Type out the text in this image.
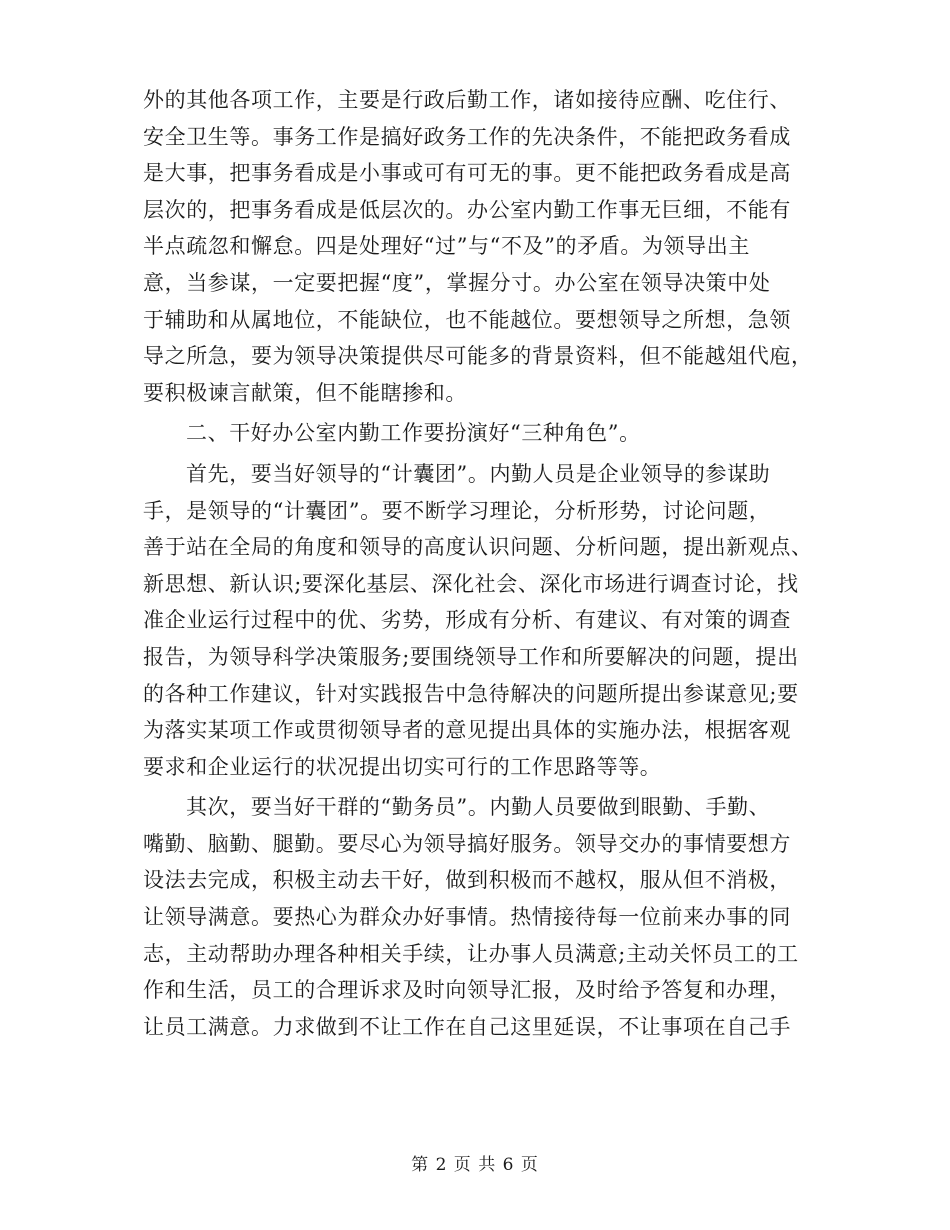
外的其他各项工作，主要是行政后勤工作，诸如接待应酬、吃住行、
安全卫生等。事务工作是搞好政务工作的先决条件，不能把政务看成
是大事，把事务看成是小事或可有可无的事。更不能把政务看成是高
层次的，把事务看成是低层次的。办公室内勤工作事无巨细，不能有
半点疏忽和懈怠。四是处理好“过”与“不及”的矛盾。为领导出主
意，当参谋，一定要把握“度”，掌握分寸。办公室在领导决策中处
于辅助和从属地位，不能缺位，也不能越位。要想领导之所想，急领
导之所急，要为领导决策提供尽可能多的背景资料，但不能越俎代庖，
要积极谏言献策，但不能瞎掺和。

二、干好办公室内勤工作要扮演好“三种角色”。

首先，要当好领导的“计囊团”。内勤人员是企业领导的参谋助
手，是领导的“计囊团”。要不断学习理论，分析形势，讨论问题，
善于站在全局的角度和领导的高度认识问题、分析问题，提出新观点、
新思想、新认识;要深化基层、深化社会、深化市场进行调查讨论，找
准企业运行过程中的优、劣势，形成有分析、有建议、有对策的调查
报告，为领导科学决策服务;要围绕领导工作和所要解决的问题，提出
的各种工作建议，针对实践报告中急待解决的问题所提出参谋意见;要
为落实某项工作或贯彻领导者的意见提出具体的实施办法，根据客观
要求和企业运行的状况提出切实可行的工作思路等等。

其次，要当好干群的“勤务员”。内勤人员要做到眼勤、手勤、
嘴勤、脑勤、腿勤。要尽心为领导搞好服务。领导交办的事情要想方
设法去完成，积极主动去干好，做到积极而不越权，服从但不消极，
让领导满意。要热心为群众办好事情。热情接待每一位前来办事的同
志，主动帮助办理各种相关手续，让办事人员满意;主动关怀员工的工
作和生活，员工的合理诉求及时向领导汇报，及时给予答复和办理，
让员工满意。力求做到不让工作在自己这里延误，不让事项在自己手

第 2 页 共 6 页
